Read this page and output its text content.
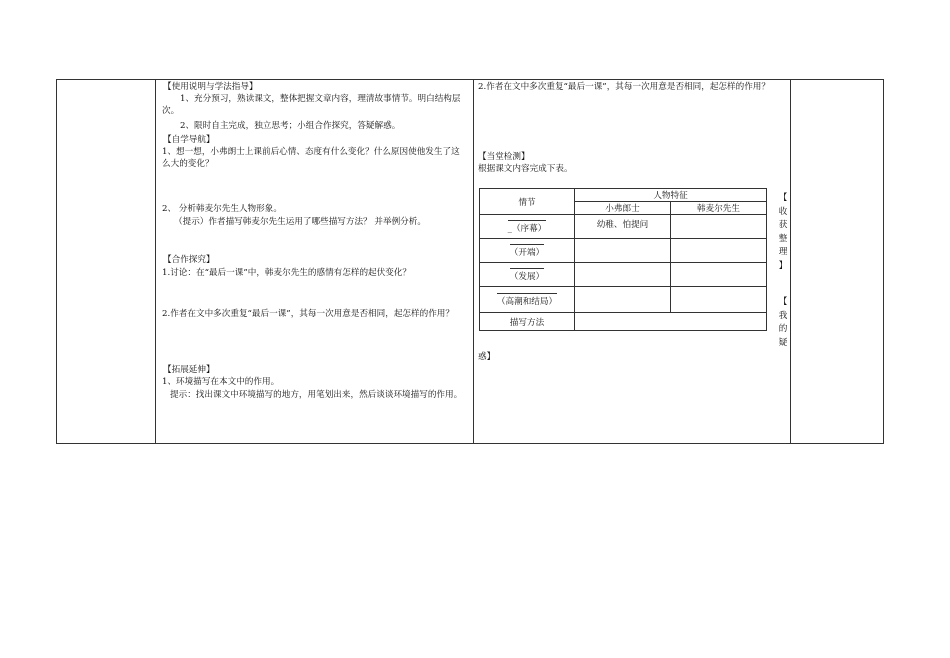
【使用说明与学法指导】
1、充分预习，熟读课文，整体把握文章内容，理清故事情节。明白结构层次。
2、限时自主完成，独立思考；小组合作探究，答疑解惑。
【自学导航】
1、想一想，小弗朗士上课前后心情、态度有什么变化？什么原因使他发生了这么大的变化？
2、 分析韩麦尔先生人物形象。
（提示）作者描写韩麦尔先生运用了哪些描写方法？ 并举例分析。
【合作探究】
1.讨论：在“最后一课”中，韩麦尔先生的感情有怎样的起伏变化？
2.作者在文中多次重复“最后一课”，其每一次用意是否相同，起怎样的作用？
【拓展延伸】
1、环境描写在本文中的作用。
提示：找出课文中环境描写的地方，用笔划出来，然后谈谈环境描写的作用。

2.作者在文中多次重复“最后一课”，其每一次用意是否相同，起怎样的作用？
【当堂检测】
根据课文内容完成下表。
情节	人物特征
小弗郎士	韩麦尔先生
_（序幕）	幼稚、怕提问	
（开端）		
（发展）		
（高潮和结局）		
描写方法	
【
收
获
整
理
】
【
我
的
疑
惑】
